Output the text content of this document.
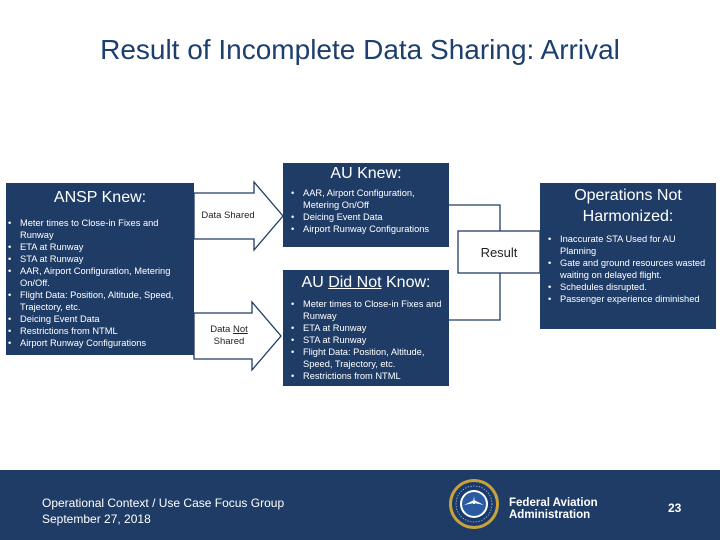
Result of Incomplete Data Sharing: Arrival
Data Shared
Data Not
Shared
ANSP Knew:
• Meter times to Close-in Fixes and Runway
• ETA at Runway
• STA at Runway
• AAR, Airport Configuration, Metering On/Off.
• Flight Data: Position, Altitude, Speed, Trajectory, etc.
• Deicing Event Data
• Restrictions from NTML
• Airport Runway Configurations
AU Knew:
• AAR, Airport Configuration, Metering On/Off
• Deicing Event Data
• Airport Runway Configurations
AU Did Not Know:
• Meter times to Close-in Fixes and Runway
• ETA at Runway
• STA at Runway
• Flight Data: Position, Altitude, Speed, Trajectory, etc.
• Restrictions from NTML
Result
Operations Not Harmonized:
• Inaccurate STA Used for AU Planning
• Gate and ground resources wasted waiting on delayed flight.
• Schedules disrupted.
• Passenger experience diminished
Operational Context / Use Case Focus Group
September 27, 2018
Federal Aviation
Administration	23
